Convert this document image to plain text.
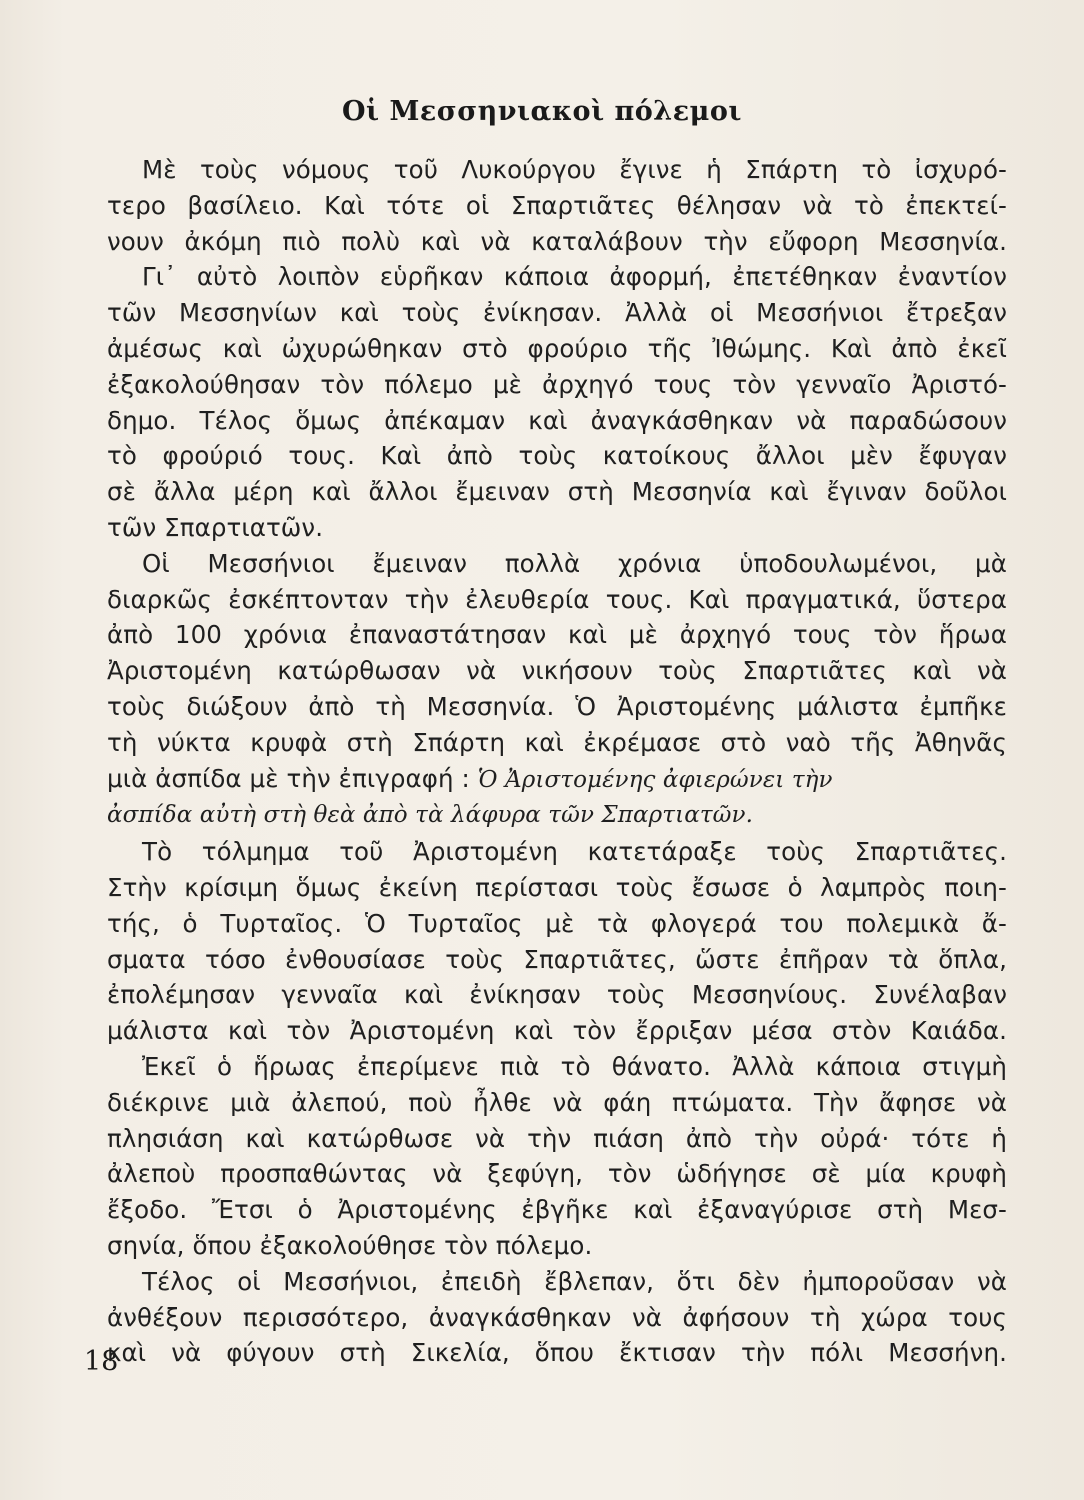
Οἱ Μεσσηνιακοὶ πόλεμοι
Μὲ τοὺς νόμους τοῦ Λυκούργου ἔγινε ἡ Σπάρτη τὸ ἰσχυρό-
τερο βασίλειο. Καὶ τότε οἱ Σπαρτιᾶτες θέλησαν νὰ τὸ ἐπεκτεί-
νουν ἀκόμη πιὸ πολὺ καὶ νὰ καταλάβουν τὴν εὔφορη Μεσσηνία.
Γι᾽ αὐτὸ λοιπὸν εὑρῆκαν κάποια ἀφορμή, ἐπετέθηκαν ἐναντίον
τῶν Μεσσηνίων καὶ τοὺς ἐνίκησαν. Ἀλλὰ οἱ Μεσσήνιοι ἔτρεξαν
ἀμέσως καὶ ὠχυρώθηκαν στὸ φρούριο τῆς Ἰθώμης. Καὶ ἀπὸ ἐκεῖ
ἐξακολούθησαν τὸν πόλεμο μὲ ἀρχηγό τους τὸν γενναῖο Ἀριστό-
δημο. Τέλος ὅμως ἀπέκαμαν καὶ ἀναγκάσθηκαν νὰ παραδώσουν
τὸ φρούριό τους. Καὶ ἀπὸ τοὺς κατοίκους ἄλλοι μὲν ἔφυγαν
σὲ ἄλλα μέρη καὶ ἄλλοι ἔμειναν στὴ Μεσσηνία καὶ ἔγιναν δοῦλοι
τῶν Σπαρτιατῶν.
Οἱ Μεσσήνιοι ἔμειναν πολλὰ χρόνια ὑποδουλωμένοι, μὰ
διαρκῶς ἐσκέπτονταν τὴν ἐλευθερία τους. Καὶ πραγματικά, ὕστερα
ἀπὸ 100 χρόνια ἐπαναστάτησαν καὶ μὲ ἀρχηγό τους τὸν ἥρωα
Ἀριστομένη κατώρθωσαν νὰ νικήσουν τοὺς Σπαρτιᾶτες καὶ νὰ
τοὺς διώξουν ἀπὸ τὴ Μεσσηνία. Ὁ Ἀριστομένης μάλιστα ἐμπῆκε
τὴ νύκτα κρυφὰ στὴ Σπάρτη καὶ ἐκρέμασε στὸ ναὸ τῆς Ἀθηνᾶς
μιὰ ἀσπίδα μὲ τὴν ἐπιγραφή : Ὁ Ἀριστομένης ἀφιερώνει τὴν
ἀσπίδα αὐτὴ στὴ θεὰ ἀπὸ τὰ λάφυρα τῶν Σπαρτιατῶν.
Τὸ τόλμημα τοῦ Ἀριστομένη κατετάραξε τοὺς Σπαρτιᾶτες.
Στὴν κρίσιμη ὅμως ἐκείνη περίστασι τοὺς ἔσωσε ὁ λαμπρὸς ποιη-
τής, ὁ Τυρταῖος. Ὁ Τυρταῖος μὲ τὰ φλογερά του πολεμικὰ ἄ-
σματα τόσο ἐνθουσίασε τοὺς Σπαρτιᾶτες, ὥστε ἐπῆραν τὰ ὅπλα,
ἐπολέμησαν γενναῖα καὶ ἐνίκησαν τοὺς Μεσσηνίους. Συνέλαβαν
μάλιστα καὶ τὸν Ἀριστομένη καὶ τὸν ἔρριξαν μέσα στὸν Καιάδα.
Ἐκεῖ ὁ ἥρωας ἐπερίμενε πιὰ τὸ θάνατο. Ἀλλὰ κάποια στιγμὴ
διέκρινε μιὰ ἀλεπού, ποὺ ἦλθε νὰ φάη πτώματα. Τὴν ἄφησε νὰ
πλησιάση καὶ κατώρθωσε νὰ τὴν πιάση ἀπὸ τὴν οὐρά· τότε ἡ
ἀλεποὺ προσπαθώντας νὰ ξεφύγη, τὸν ὡδήγησε σὲ μία κρυφὴ
ἔξοδο. Ἔτσι ὁ Ἀριστομένης ἐβγῆκε καὶ ἐξαναγύρισε στὴ Μεσ-
σηνία, ὅπου ἐξακολούθησε τὸν πόλεμο.
Τέλος οἱ Μεσσήνιοι, ἐπειδὴ ἔβλεπαν, ὅτι δὲν ἠμποροῦσαν νὰ
ἀνθέξουν περισσότερο, ἀναγκάσθηκαν νὰ ἀφήσουν τὴ χώρα τους
καὶ νὰ φύγουν στὴ Σικελία, ὅπου ἔκτισαν τὴν πόλι Μεσσήνη.
18
